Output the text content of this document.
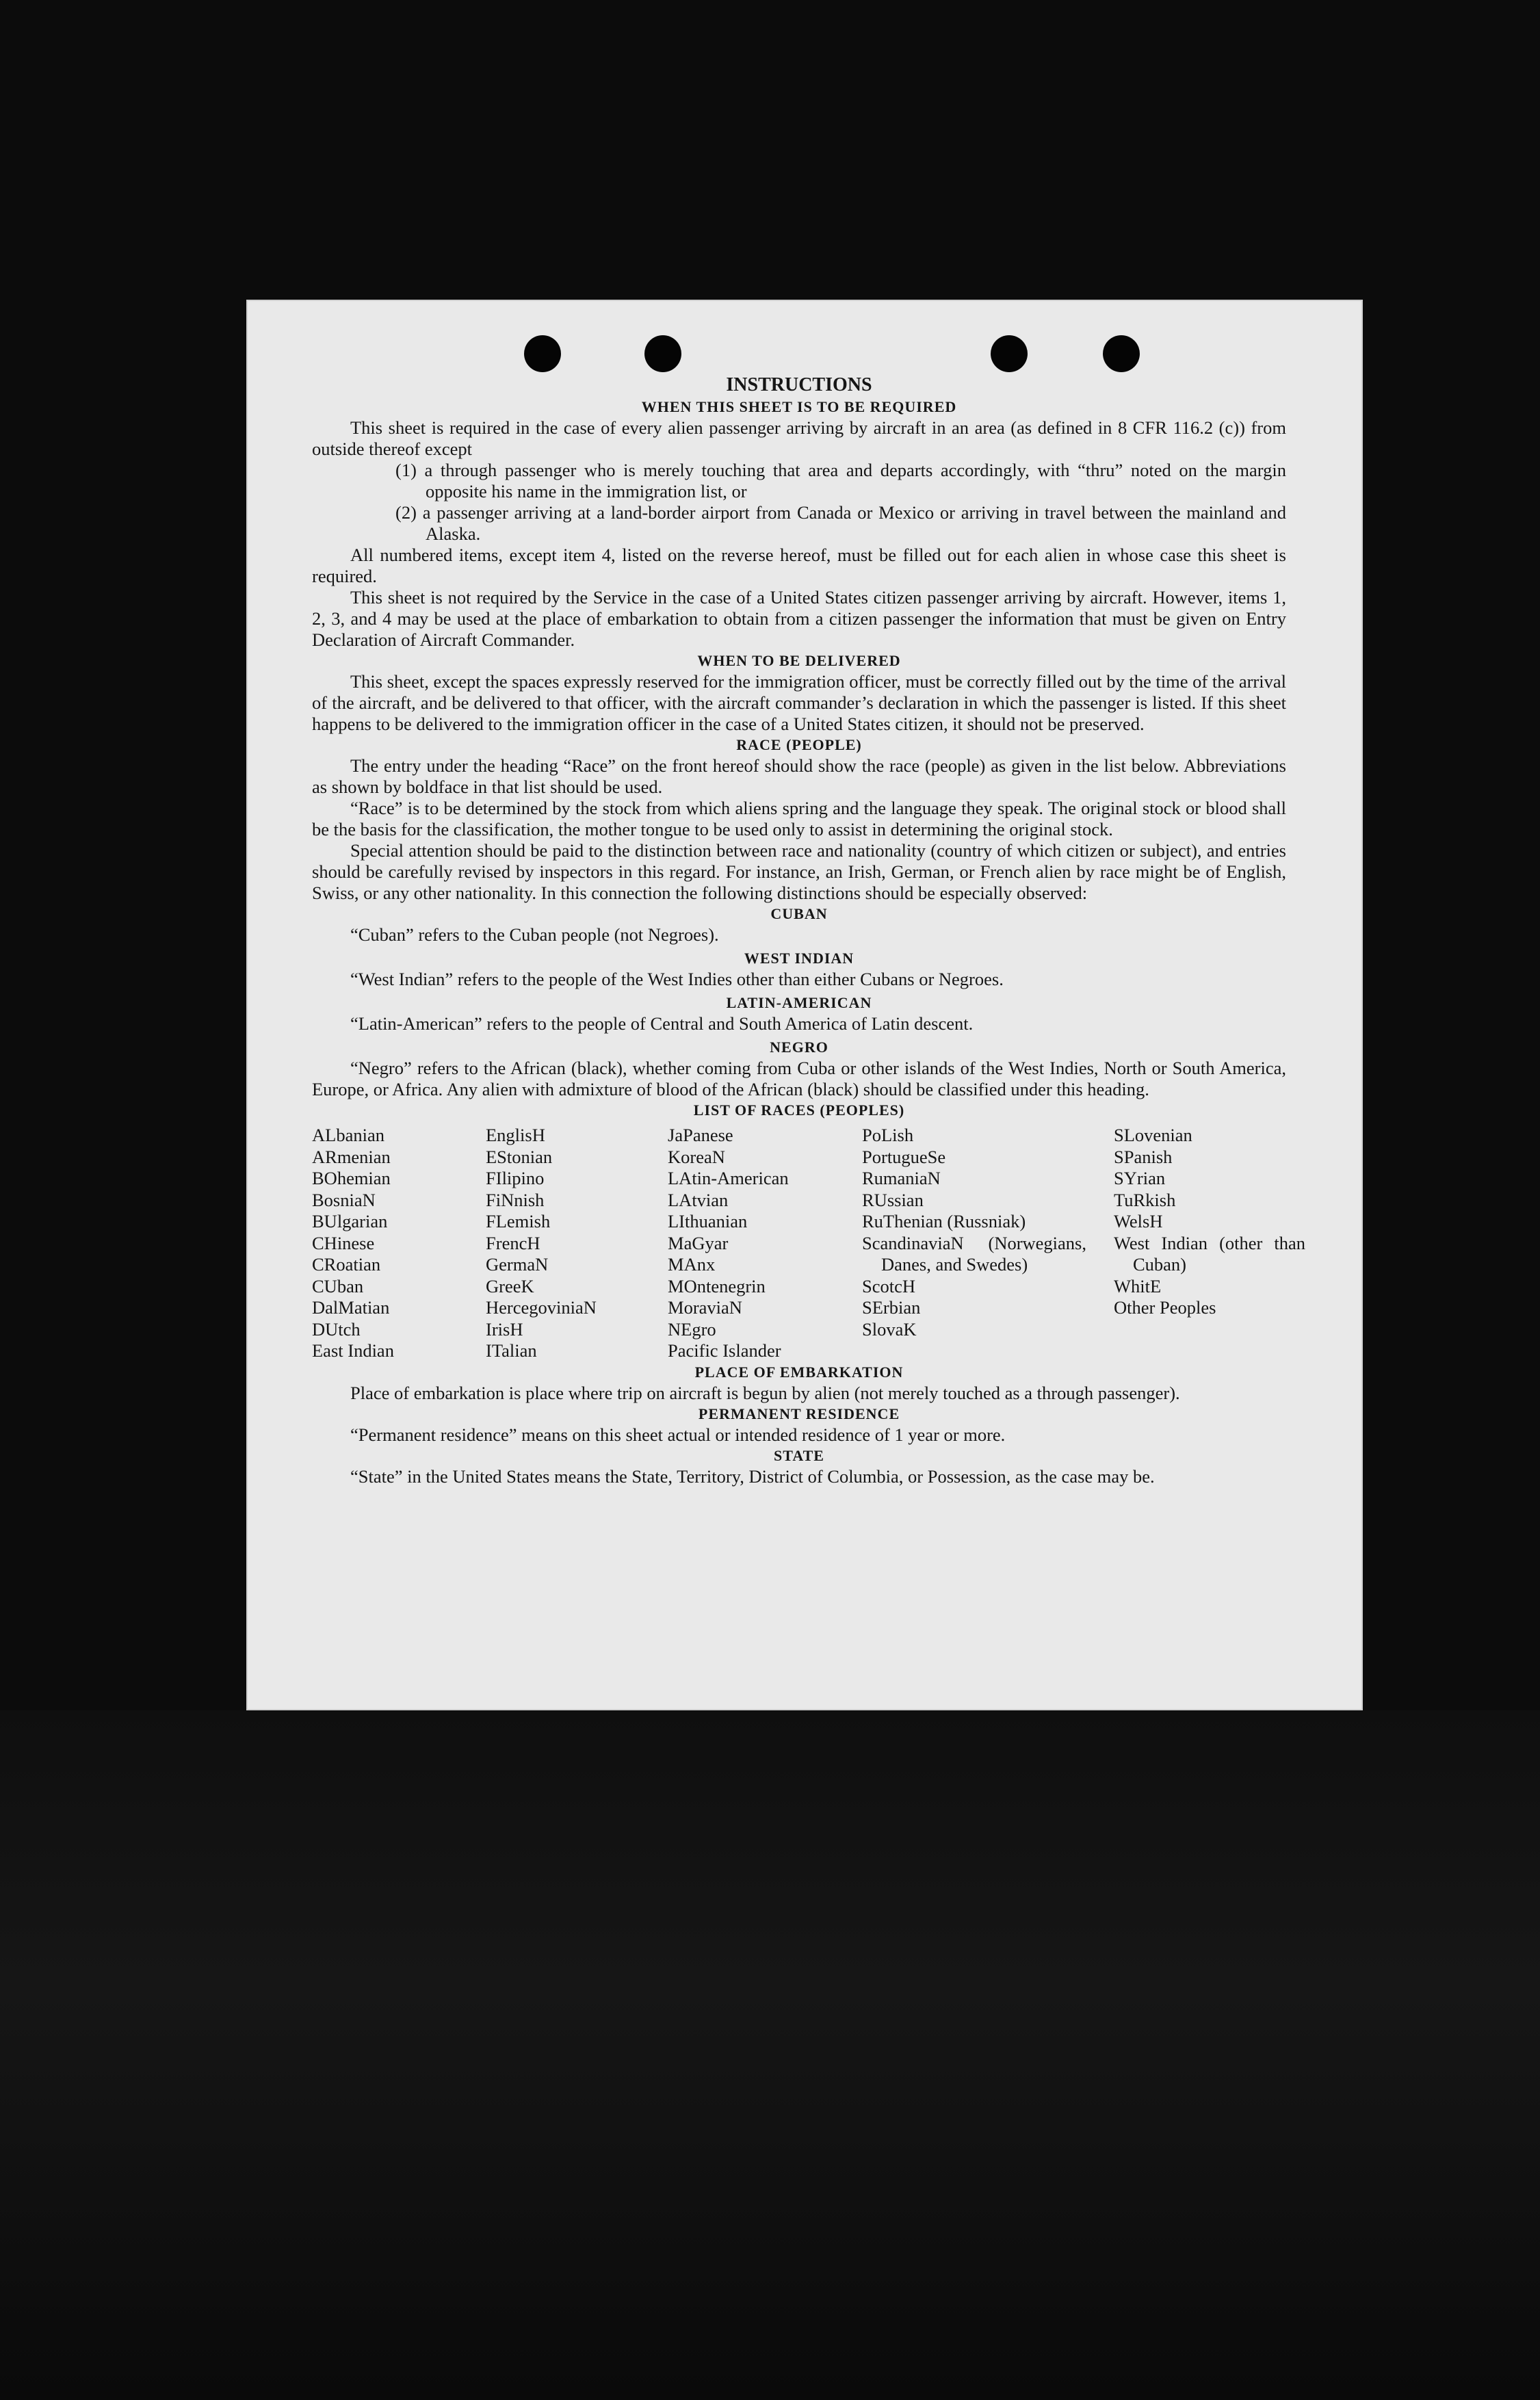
INSTRUCTIONS
WHEN THIS SHEET IS TO BE REQUIRED

This sheet is required in the case of every alien passenger arriving by aircraft in an area (as defined in 8 CFR 116.2 (c)) from outside thereof except

(1) a through passenger who is merely touching that area and departs accordingly, with “thru” noted on the margin opposite his name in the immigration list, or

(2) a passenger arriving at a land-border airport from Canada or Mexico or arriving in travel between the mainland and Alaska.

All numbered items, except item 4, listed on the reverse hereof, must be filled out for each alien in whose case this sheet is required.

This sheet is not required by the Service in the case of a United States citizen passenger arriving by aircraft. However, items 1, 2, 3, and 4 may be used at the place of embarkation to obtain from a citizen passenger the information that must be given on Entry Declaration of Aircraft Commander.

WHEN TO BE DELIVERED

This sheet, except the spaces expressly reserved for the immigration officer, must be correctly filled out by the time of the arrival of the aircraft, and be delivered to that officer, with the aircraft commander’s declaration in which the passenger is listed. If this sheet happens to be delivered to the immigration officer in the case of a United States citizen, it should not be preserved.

RACE (PEOPLE)

The entry under the heading “Race” on the front hereof should show the race (people) as given in the list below. Abbreviations as shown by boldface in that list should be used.

“Race” is to be determined by the stock from which aliens spring and the language they speak. The original stock or blood shall be the basis for the classification, the mother tongue to be used only to assist in determining the original stock.

Special attention should be paid to the distinction between race and nationality (country of which citizen or subject), and entries should be carefully revised by inspectors in this regard. For instance, an Irish, German, or French alien by race might be of English, Swiss, or any other nationality. In this connection the following distinctions should be especially observed:

CUBAN

“Cuban” refers to the Cuban people (not Negroes).

WEST INDIAN

“West Indian” refers to the people of the West Indies other than either Cubans or Negroes.

LATIN-AMERICAN

“Latin-American” refers to the people of Central and South America of Latin descent.

NEGRO

“Negro” refers to the African (black), whether coming from Cuba or other islands of the West Indies, North or South America, Europe, or Africa. Any alien with admixture of blood of the African (black) should be classified under this heading.

LIST OF RACES (PEOPLES)
ALbanian
ARmenian
BOhemian
BosniaN
BUlgarian
CHinese
CRoatian
CUban
DalMatian
DUtch
East Indian
EnglisH
EStonian
FIlipino
FiNnish
FLemish
FrencH
GermaN
GreeK
HercegoviniaN
IrisH
ITalian
JaPanese
KoreaN
LAtin-American
LAtvian
LIthuanian
MaGyar
MAnx
MOntenegrin
MoraviaN
NEgro
Pacific Islander
PoLish
PortugueSe
RumaniaN
RUssian
RuThenian (Russniak)
ScandinaviaN (Norwegians, Danes, and Swedes)
ScotcH
SErbian
SlovaK
SLovenian
SPanish
SYrian
TuRkish
WelsH
West Indian (other than Cuban)
WhitE
Other Peoples
PLACE OF EMBARKATION

Place of embarkation is place where trip on aircraft is begun by alien (not merely touched as a through passenger).

PERMANENT RESIDENCE

“Permanent residence” means on this sheet actual or intended residence of 1 year or more.

STATE

“State” in the United States means the State, Territory, District of Columbia, or Possession, as the case may be.
